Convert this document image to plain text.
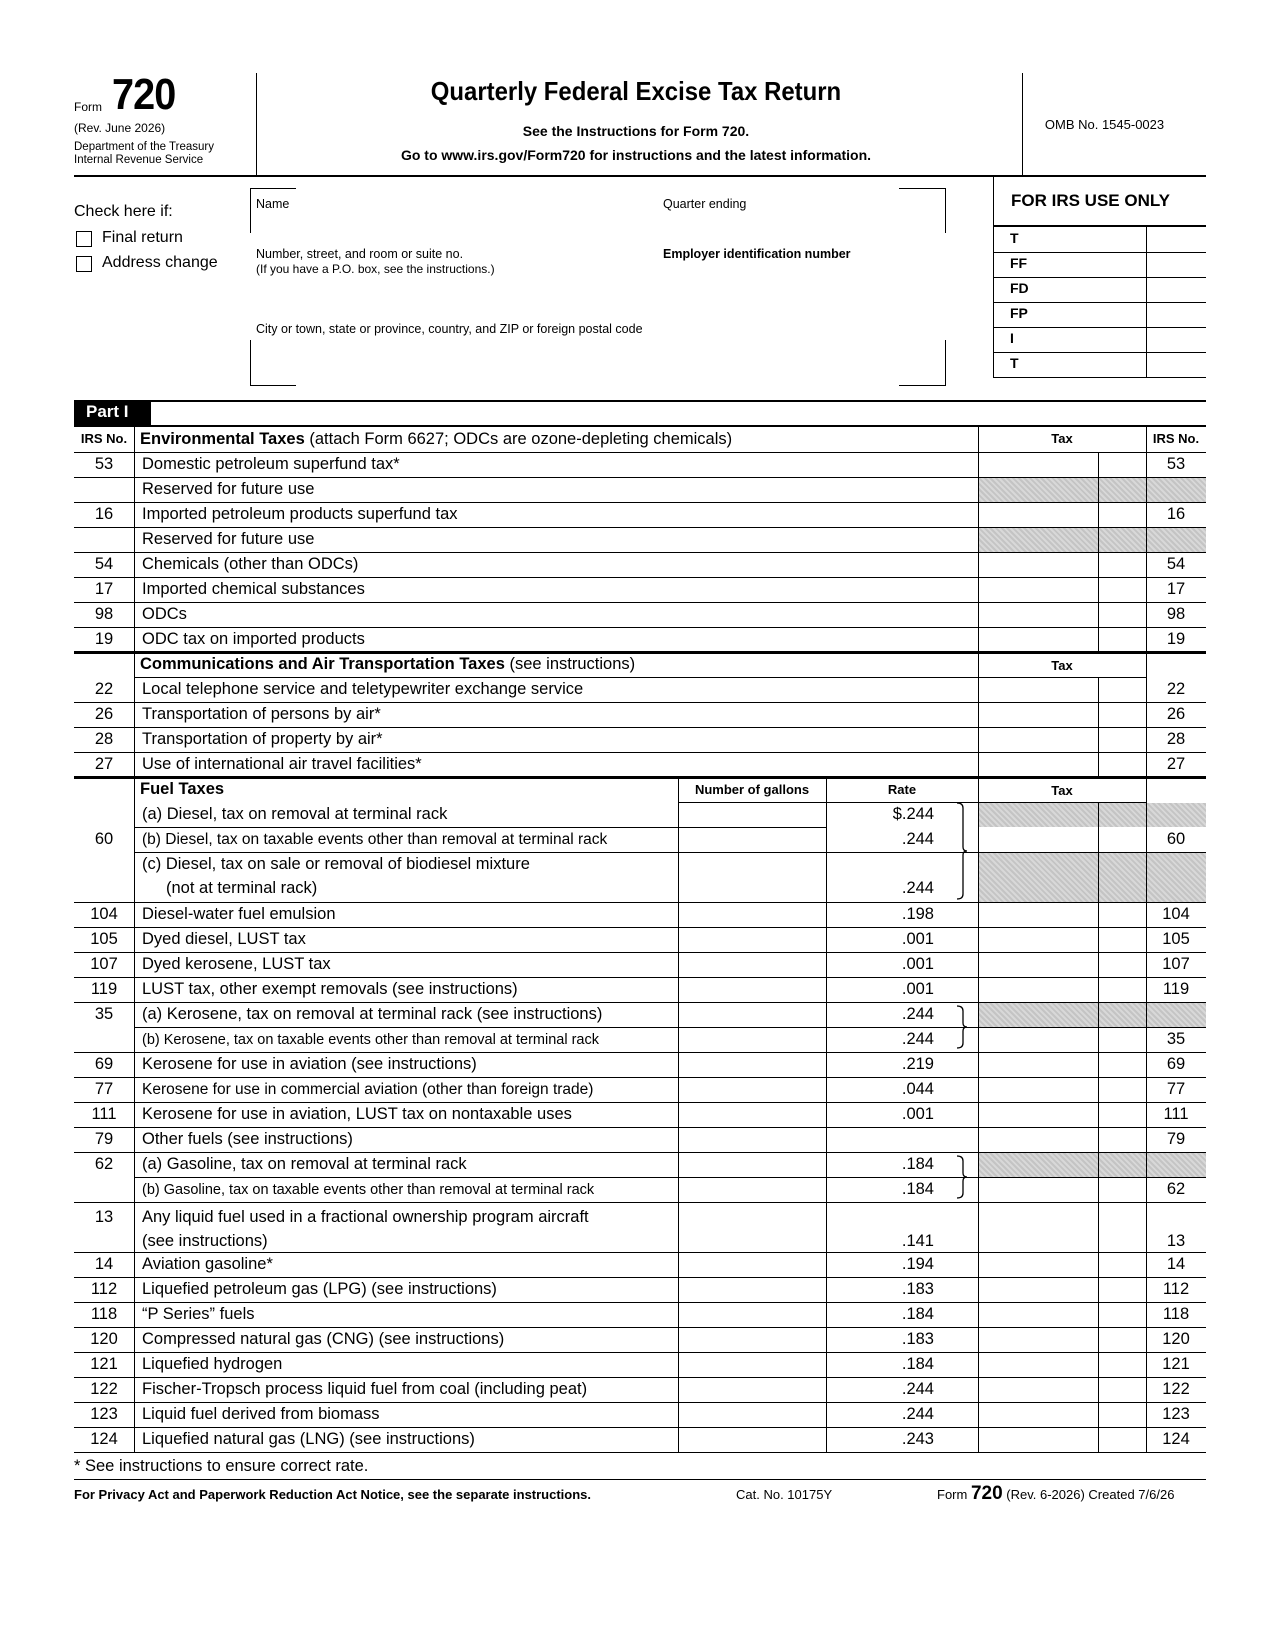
Form 720
(Rev. June 2026)
Department of the Treasury
Internal Revenue Service
Quarterly Federal Excise Tax Return
See the Instructions for Form 720.
Go to www.irs.gov/Form720 for instructions and the latest information.
OMB No. 1545-0023
Check here if:
Final return
Address change
Name	Quarter ending
Number, street, and room or suite no.
(If you have a P.O. box, see the instructions.)
Employer identification number
City or town, state or province, country, and ZIP or foreign postal code
FOR IRS USE ONLY
T
FF
FD
FP
I
T
Part I
IRS No. Environmental Taxes (attach Form 6627; ODCs are ozone-depleting chemicals)	Tax	IRS No.
53	Domestic petroleum superfund tax*	53
Reserved for future use
16	Imported petroleum products superfund tax	16
Reserved for future use
54	Chemicals (other than ODCs)	54
17	Imported chemical substances	17
98	ODCs	98
19	ODC tax on imported products	19
Communications and Air Transportation Taxes (see instructions)	Tax
22	Local telephone service and teletypewriter exchange service	22
26	Transportation of persons by air*	26
28	Transportation of property by air*	28
27	Use of international air travel facilities*	27
Fuel Taxes	Number of gallons	Rate	Tax
(a) Diesel, tax on removal at terminal rack	$.244
60	(b) Diesel, tax on taxable events other than removal at terminal rack	.244	60
(c) Diesel, tax on sale or removal of biodiesel mixture
(not at terminal rack)	.244
104	Diesel-water fuel emulsion	.198	104
105	Dyed diesel, LUST tax	.001	105
107	Dyed kerosene, LUST tax	.001	107
119	LUST tax, other exempt removals (see instructions)	.001	119
35	(a) Kerosene, tax on removal at terminal rack (see instructions)	.244
(b) Kerosene, tax on taxable events other than removal at terminal rack	.244	35
69	Kerosene for use in aviation (see instructions)	.219	69
77	Kerosene for use in commercial aviation (other than foreign trade)	.044	77
111	Kerosene for use in aviation, LUST tax on nontaxable uses	.001	111
79	Other fuels (see instructions)	79
62	(a) Gasoline, tax on removal at terminal rack	.184
(b) Gasoline, tax on taxable events other than removal at terminal rack	.184	62
13	Any liquid fuel used in a fractional ownership program aircraft
(see instructions)	.141	13
14	Aviation gasoline*	.194	14
112	Liquefied petroleum gas (LPG) (see instructions)	.183	112
118	“P Series” fuels	.184	118
120	Compressed natural gas (CNG) (see instructions)	.183	120
121	Liquefied hydrogen	.184	121
122	Fischer-Tropsch process liquid fuel from coal (including peat)	.244	122
123	Liquid fuel derived from biomass	.244	123
124	Liquefied natural gas (LNG) (see instructions)	.243	124
* See instructions to ensure correct rate.
For Privacy Act and Paperwork Reduction Act Notice, see the separate instructions.	Cat. No. 10175Y	Form 720 (Rev. 6-2026) Created 7/6/26
